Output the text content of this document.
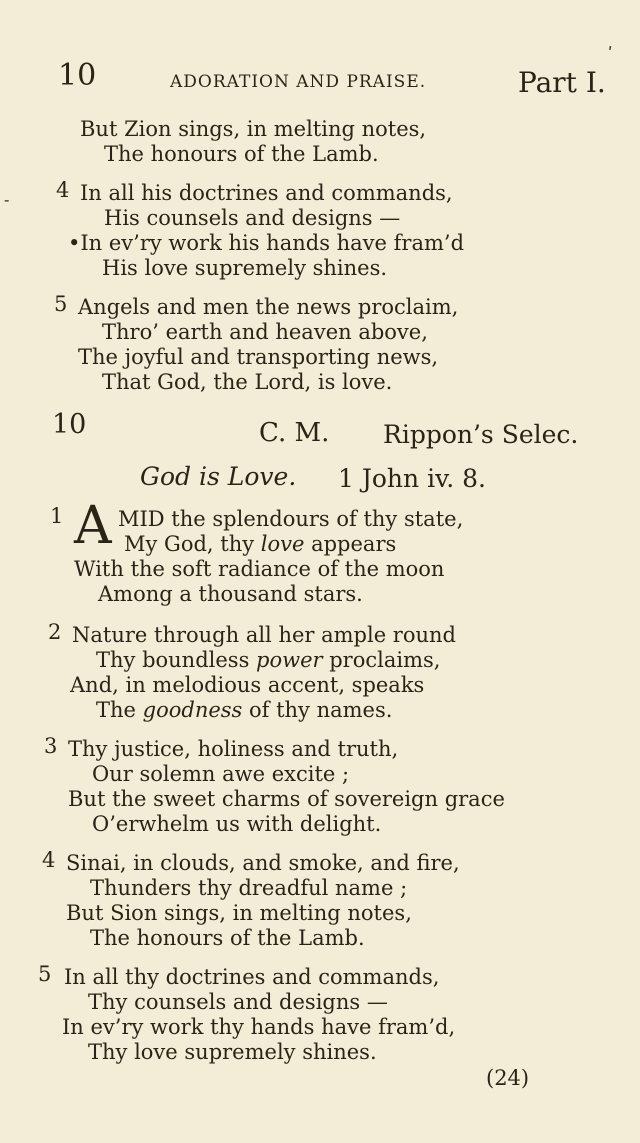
10	ADORATION AND PRAISE.	Part I.
ʹ
-
But Zion sings, in melting notes,
The honours of the Lamb.
4 In all his doctrines and commands,
His counsels and designs —
•In ev’ry work his hands have fram’d
His love supremely shines.
5 Angels and men the news proclaim,
Thro’ earth and heaven above,
The joyful and transporting news,
That God, the Lord, is love.
10	C. M. Rippon’s Selec.
God is Love. 1 John iv. 8.
1 A MID the splendours of thy state,
My God, thy love appears
With the soft radiance of the moon
Among a thousand stars.
2 Nature through all her ample round
Thy boundless power proclaims,
And, in melodious accent, speaks
The goodness of thy names.
3 Thy justice, holiness and truth,
Our solemn awe excite ;
But the sweet charms of sovereign grace
O’erwhelm us with delight.
4 Sinai, in clouds, and smoke, and fire,
Thunders thy dreadful name ;
But Sion sings, in melting notes,
The honours of the Lamb.
5 In all thy doctrines and commands,
Thy counsels and designs —
In ev’ry work thy hands have fram’d,
Thy love supremely shines.
(24)
